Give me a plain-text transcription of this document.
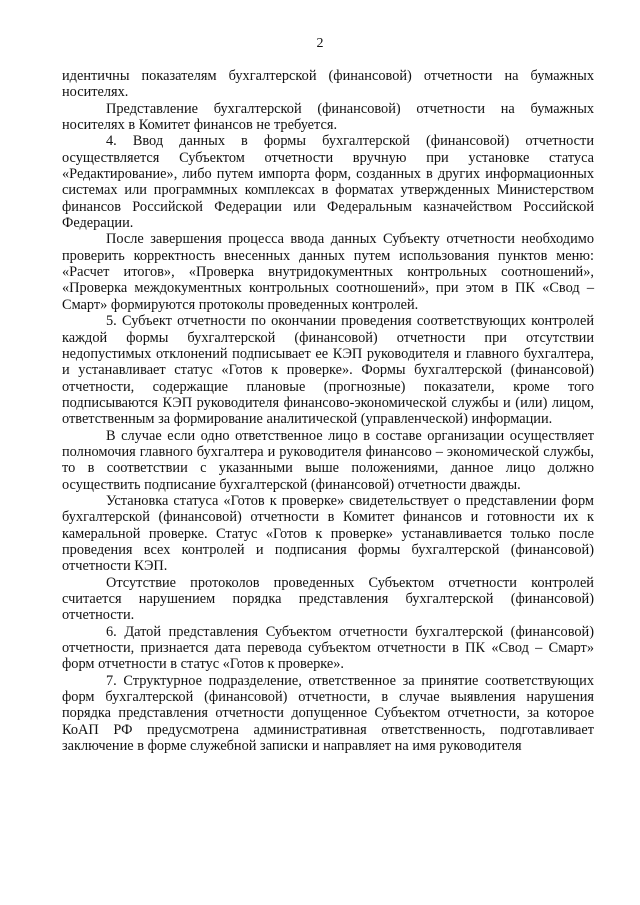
2

идентичны показателям бухгалтерской (финансовой) отчетности на бумажных носителях.

Представление бухгалтерской (финансовой) отчетности на бумажных носителях в Комитет финансов не требуется.

4. Ввод данных в формы бухгалтерской (финансовой) отчетности осуществляется Субъектом отчетности вручную при установке статуса «Редактирование», либо путем импорта форм, созданных в других информационных системах или программных комплексах в форматах утвержденных Министерством финансов Российской Федерации или Федеральным казначейством Российской Федерации.

После завершения процесса ввода данных Субъекту отчетности необходимо проверить корректность внесенных данных путем использования пунктов меню: «Расчет итогов», «Проверка внутридокументных контрольных соотношений», «Проверка междокументных контрольных соотношений», при этом в ПК «Свод – Смарт» формируются протоколы проведенных контролей.

5. Субъект отчетности по окончании проведения соответствующих контролей каждой формы бухгалтерской (финансовой) отчетности при отсутствии недопустимых отклонений подписывает ее КЭП руководителя и главного бухгалтера, и устанавливает статус «Готов к проверке». Формы бухгалтерской (финансовой) отчетности, содержащие плановые (прогнозные) показатели, кроме того подписываются КЭП руководителя финансово-экономической службы и (или) лицом, ответственным за формирование аналитической (управленческой) информации.

В случае если одно ответственное лицо в составе организации осуществляет полномочия главного бухгалтера и руководителя финансово – экономической службы, то в соответствии с указанными выше положениями, данное лицо должно осуществить подписание бухгалтерской (финансовой) отчетности дважды.

Установка статуса «Готов к проверке» свидетельствует о представлении форм бухгалтерской (финансовой) отчетности в Комитет финансов и готовности их к камеральной проверке. Статус «Готов к проверке» устанавливается только после проведения всех контролей и подписания формы бухгалтерской (финансовой) отчетности КЭП.

Отсутствие протоколов проведенных Субъектом отчетности контролей считается нарушением порядка представления бухгалтерской (финансовой) отчетности.

6. Датой представления Субъектом отчетности бухгалтерской (финансовой) отчетности, признается дата перевода субъектом отчетности в ПК «Свод – Смарт» форм отчетности в статус «Готов к проверке».

7. Структурное подразделение, ответственное за принятие соответствующих форм бухгалтерской (финансовой) отчетности, в случае выявления нарушения порядка представления отчетности допущенное Субъектом отчетности, за которое КоАП РФ предусмотрена административная ответственность, подготавливает заключение в форме служебной записки и направляет на имя руководителя
